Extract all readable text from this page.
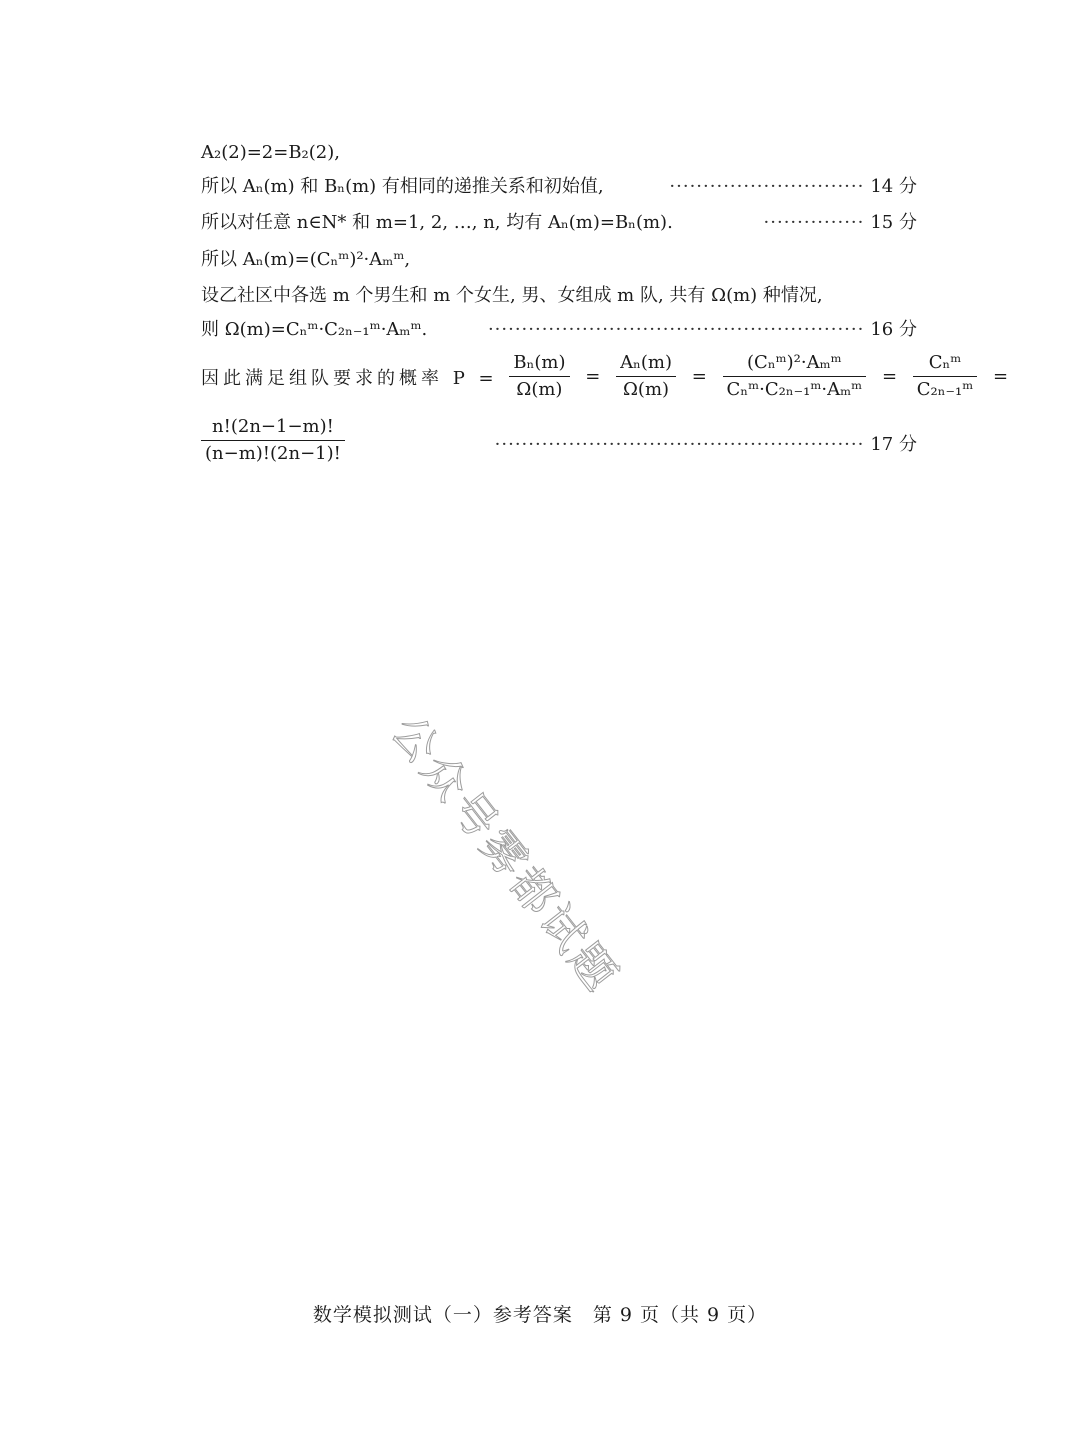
A₂(2)=2=B₂(2),
所以 Aₙ(m) 和 Bₙ(m) 有相同的递推关系和初始值,	····························· 14 分
所以对任意 n∈N* 和 m=1, 2, …, n, 均有 Aₙ(m)=Bₙ(m).	··············· 15 分
所以 Aₙ(m)=(Cₙᵐ)²·Aₘᵐ,
设乙社区中各选 m 个男生和 m 个女生, 男、女组成 m 队, 共有 Ω(m) 种情况,
则 Ω(m)=Cₙᵐ·C₂ₙ₋₁ᵐ·Aₘᵐ.	························································ 16 分
因此满足组队要求的概率 $P = \frac{\text{Bₙ(m)}}{\Omega(m)} = \frac{\text{Aₙ(m)}}{\Omega(m)} = \frac{\text{(Cₙᵐ)²·Aₘᵐ}}{\text{Cₙᵐ·C₂ₙ₋₁ᵐ·Aₘᵐ}} = \frac{\text{Cₙᵐ}}{\text{C₂ₙ₋₁ᵐ}}$ =
$\frac{n!(2n-1-m)!}{(n-m)!(2n-1)!}$	······················································· 17 分
公众号雾都试题
数学模拟测试（一）参考答案　第 9 页（共 9 页）
